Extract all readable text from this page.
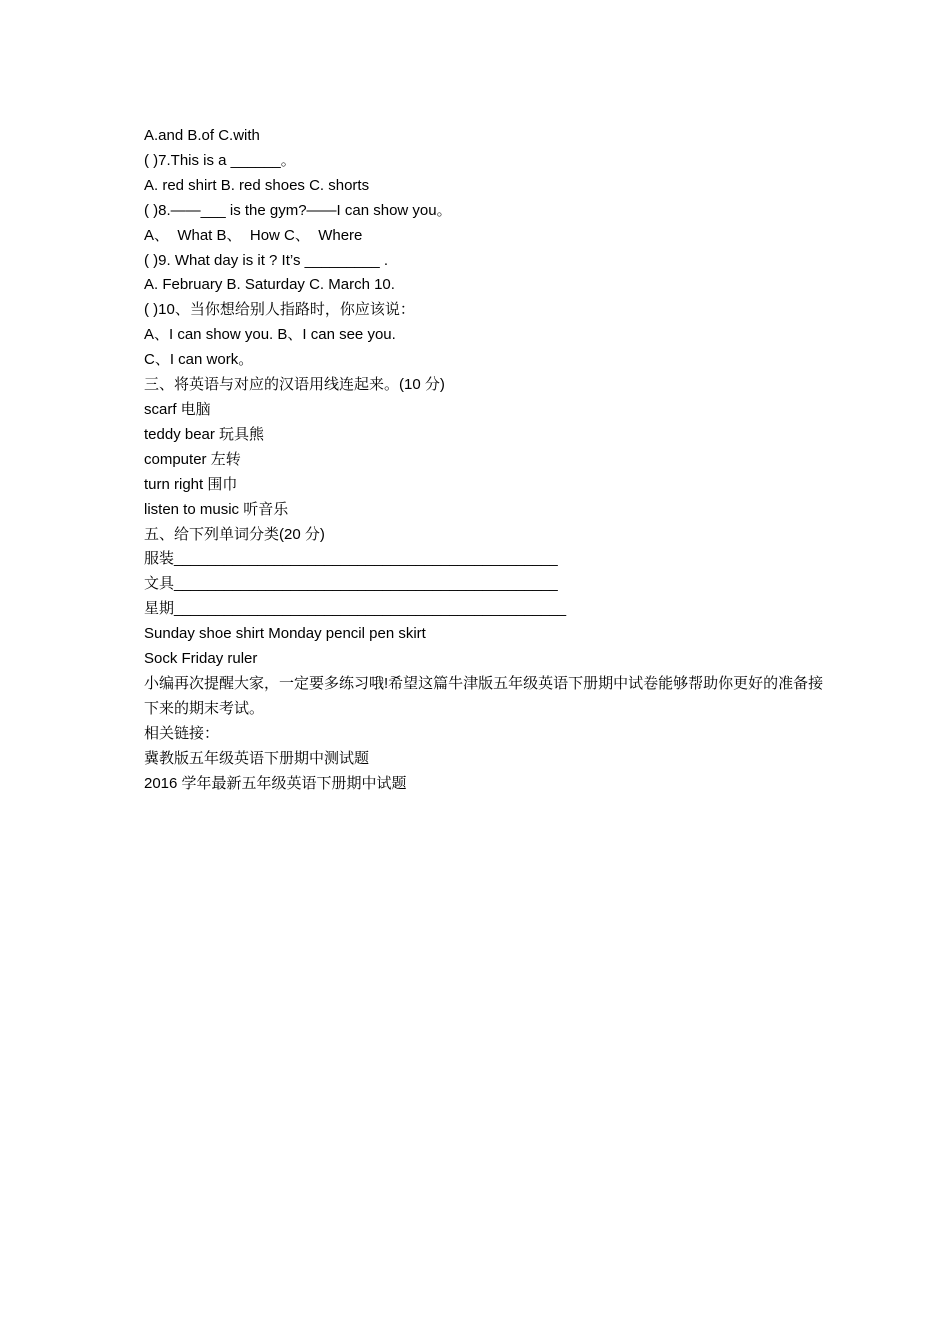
A.and B.of C.with

( )7.This is a ______。

A. red shirt B. red shoes C. shorts

( )8.——___ is the gym?——I can show you。

A、  What B、  How C、  Where

( )9. What day is it ? It’s _________ .

A. February B. Saturday C. March 10.

( )10、当你想给别人指路时，你应该说：

A、I can show you. B、I can see you.

C、I can work。

三、将英语与对应的汉语用线连起来。(10 分)

scarf 电脑

teddy bear 玩具熊

computer 左转

turn right 围巾

listen to music 听音乐

五、给下列单词分类(20 分)

服装______________________________________________

文具______________________________________________

星期_______________________________________________

Sunday shoe shirt Monday pencil pen skirt

Sock Friday ruler

小编再次提醒大家，一定要多练习哦!希望这篇牛津版五年级英语下册期中试卷能够帮助你更好的准备接下来的期末考试。

相关链接：

冀教版五年级英语下册期中测试题

2016 学年最新五年级英语下册期中试题
